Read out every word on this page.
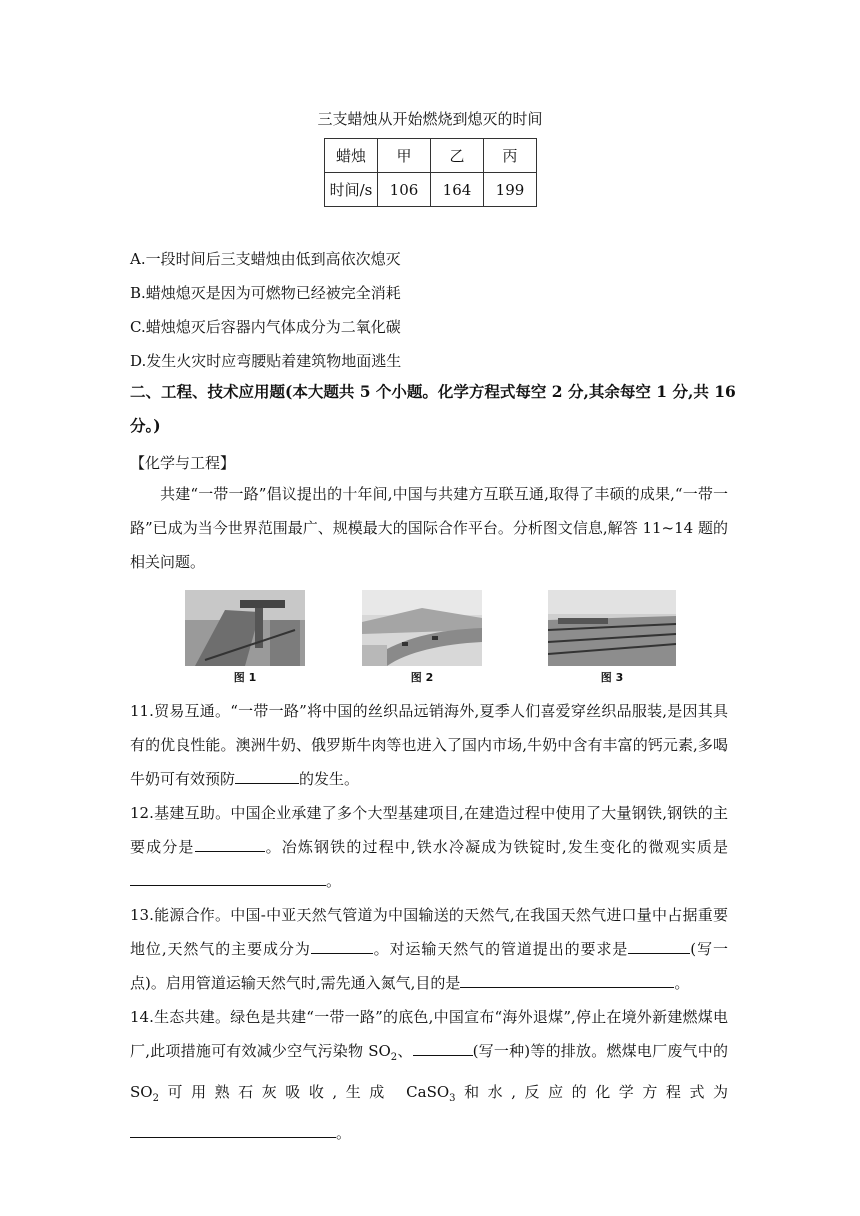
三支蜡烛从开始燃烧到熄灭的时间
蜡烛	甲	乙	丙
时间/s	106	164	199
A.一段时间后三支蜡烛由低到高依次熄灭
B.蜡烛熄灭是因为可燃物已经被完全消耗
C.蜡烛熄灭后容器内气体成分为二氧化碳
D.发生火灾时应弯腰贴着建筑物地面逃生
二、工程、技术应用题(本大题共 5 个小题。化学方程式每空 2 分,其余每空 1 分,共 16 分。)
【化学与工程】
共建“一带一路”倡议提出的十年间,中国与共建方互联互通,取得了丰硕的成果,“一带一路”已成为当今世界范围最广、规模最大的国际合作平台。分析图文信息,解答 11~14 题的相关问题。
图 1	图 2	图 3
11.贸易互通。“一带一路”将中国的丝织品远销海外,夏季人们喜爱穿丝织品服装,是因其具有的优良性能。澳洲牛奶、俄罗斯牛肉等也进入了国内市场,牛奶中含有丰富的钙元素,多喝牛奶可有效预防	的发生。
12.基建互助。中国企业承建了多个大型基建项目,在建造过程中使用了大量钢铁,钢铁的主要成分是	。冶炼钢铁的过程中,铁水冷凝成为铁锭时,发生变化的微观实质是。
13.能源合作。中国-中亚天然气管道为中国输送的天然气,在我国天然气进口量中占据重要地位,天然气的主要成分为	。对运输天然气的管道提出的要求是	(写一点)。启用管道运输天然气时,需先通入氮气,目的是	。
14.生态共建。绿色是共建“一带一路”的底色,中国宣布“海外退煤”,停止在境外新建燃煤电厂,此项措施可有效减少空气污染物 $SO_2$、	(写一种)等的排放。燃煤电厂废气中的 $SO_2$可用熟石灰吸收,生成 CaSO$_3$和水,反应的化学方程式为。
